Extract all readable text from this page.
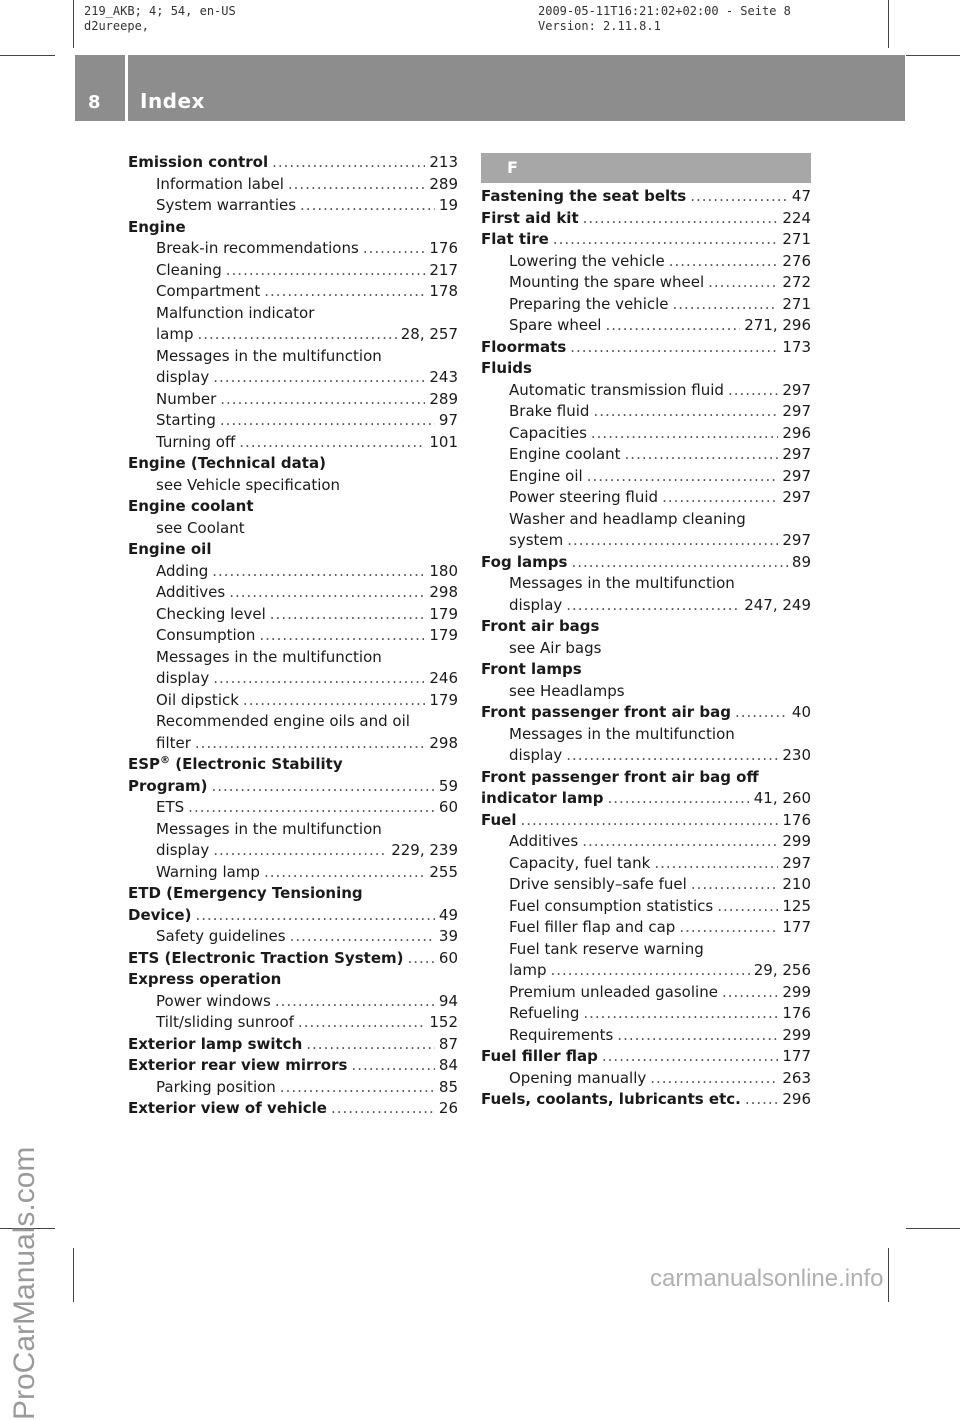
219_AKB; 4; 54, en-US
d2ureepe,
2009-05-11T16:21:02+02:00 - Seite 8
Version: 2.11.8.1
8 Index
Emission control .....	213
Information label .....	289
System warranties .....	19
Engine
Break-in recommendations .....	176
Cleaning .....	217
Compartment .....	178
Malfunction indicator
lamp .....	28, 257
Messages in the multifunction
display .....	243
Number .....	289
Starting .....	97
Turning off .....	101
Engine (Technical data)
see Vehicle specification
Engine coolant
see Coolant
Engine oil
Adding .....	180
Additives .....	298
Checking level .....	179
Consumption .....	179
Messages in the multifunction
display .....	246
Oil dipstick .....	179
Recommended engine oils and oil
filter .....	298
ESP® (Electronic Stability
Program) .....	59
ETS .....	60
Messages in the multifunction
display .....	229, 239
Warning lamp .....	255
ETD (Emergency Tensioning
Device) .....	49
Safety guidelines .....	39
ETS (Electronic Traction System) ..... 60
Express operation
Power windows .....	94
Tilt/sliding sunroof .....	152
Exterior lamp switch .....	87
Exterior rear view mirrors .....	84
Parking position .....	85
Exterior view of vehicle .....	26
F
Fastening the seat belts .....	47
First aid kit .....	224
Flat tire .....	271
Lowering the vehicle .....	276
Mounting the spare wheel .....	272
Preparing the vehicle .....	271
Spare wheel .....	271, 296
Floormats .....	173
Fluids
Automatic transmission fluid .....	297
Brake fluid .....	297
Capacities .....	296
Engine coolant .....	297
Engine oil .....	297
Power steering fluid .....	297
Washer and headlamp cleaning
system .....	297
Fog lamps .....	89
Messages in the multifunction
display .....	247, 249
Front air bags
see Air bags
Front lamps
see Headlamps
Front passenger front air bag .....	40
Messages in the multifunction
display .....	230
Front passenger front air bag off
indicator lamp .....	41, 260
Fuel .....	176
Additives .....	299
Capacity, fuel tank .....	297
Drive sensibly–safe fuel .....	210
Fuel consumption statistics .....	125
Fuel filler flap and cap .....	177
Fuel tank reserve warning
lamp .....	29, 256
Premium unleaded gasoline .....	299
Refueling .....	176
Requirements .....	299
Fuel filler flap .....	177
Opening manually .....	263
Fuels, coolants, lubricants etc. .....	296
ProCarManuals.com	carmanualsonline.info
